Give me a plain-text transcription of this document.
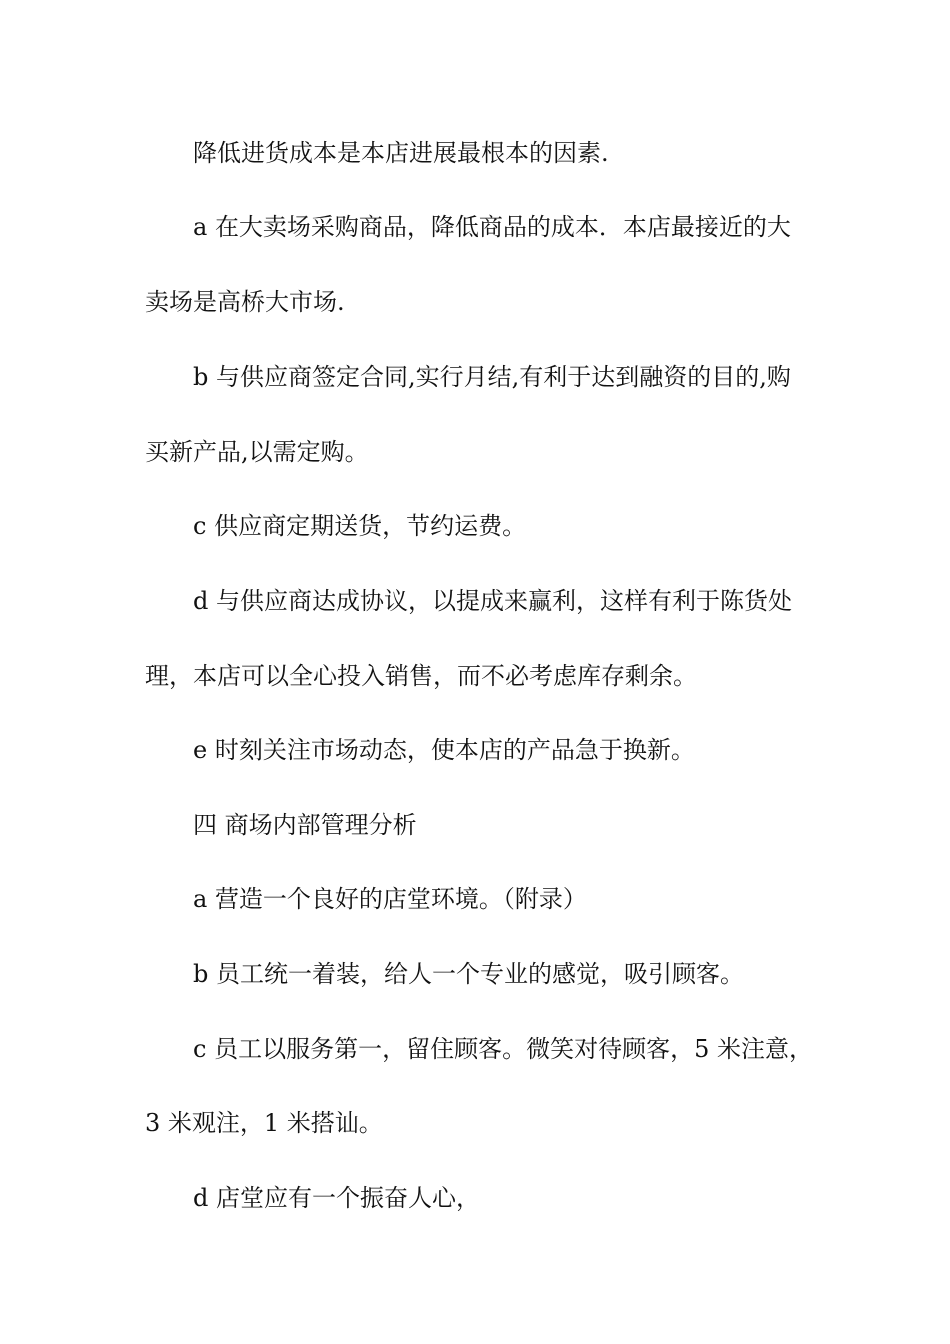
降低进货成本是本店进展最根本的因素.
a 在大卖场采购商品，降低商品的成本．本店最接近的大
卖场是高桥大市场.
b 与供应商签定合同,实行月结,有利于达到融资的目的,购
买新产品,以需定购。
c 供应商定期送货，节约运费。
d 与供应商达成协议，以提成来赢利，这样有利于陈货处
理，本店可以全心投入销售，而不必考虑库存剩余。
e 时刻关注市场动态，使本店的产品急于换新。
四 商场内部管理分析
a 营造一个良好的店堂环境。（附录）
b 员工统一着装，给人一个专业的感觉，吸引顾客。
c 员工以服务第一，留住顾客。微笑对待顾客，5 米注意，
3 米观注，1 米搭讪。
d 店堂应有一个振奋人心，
